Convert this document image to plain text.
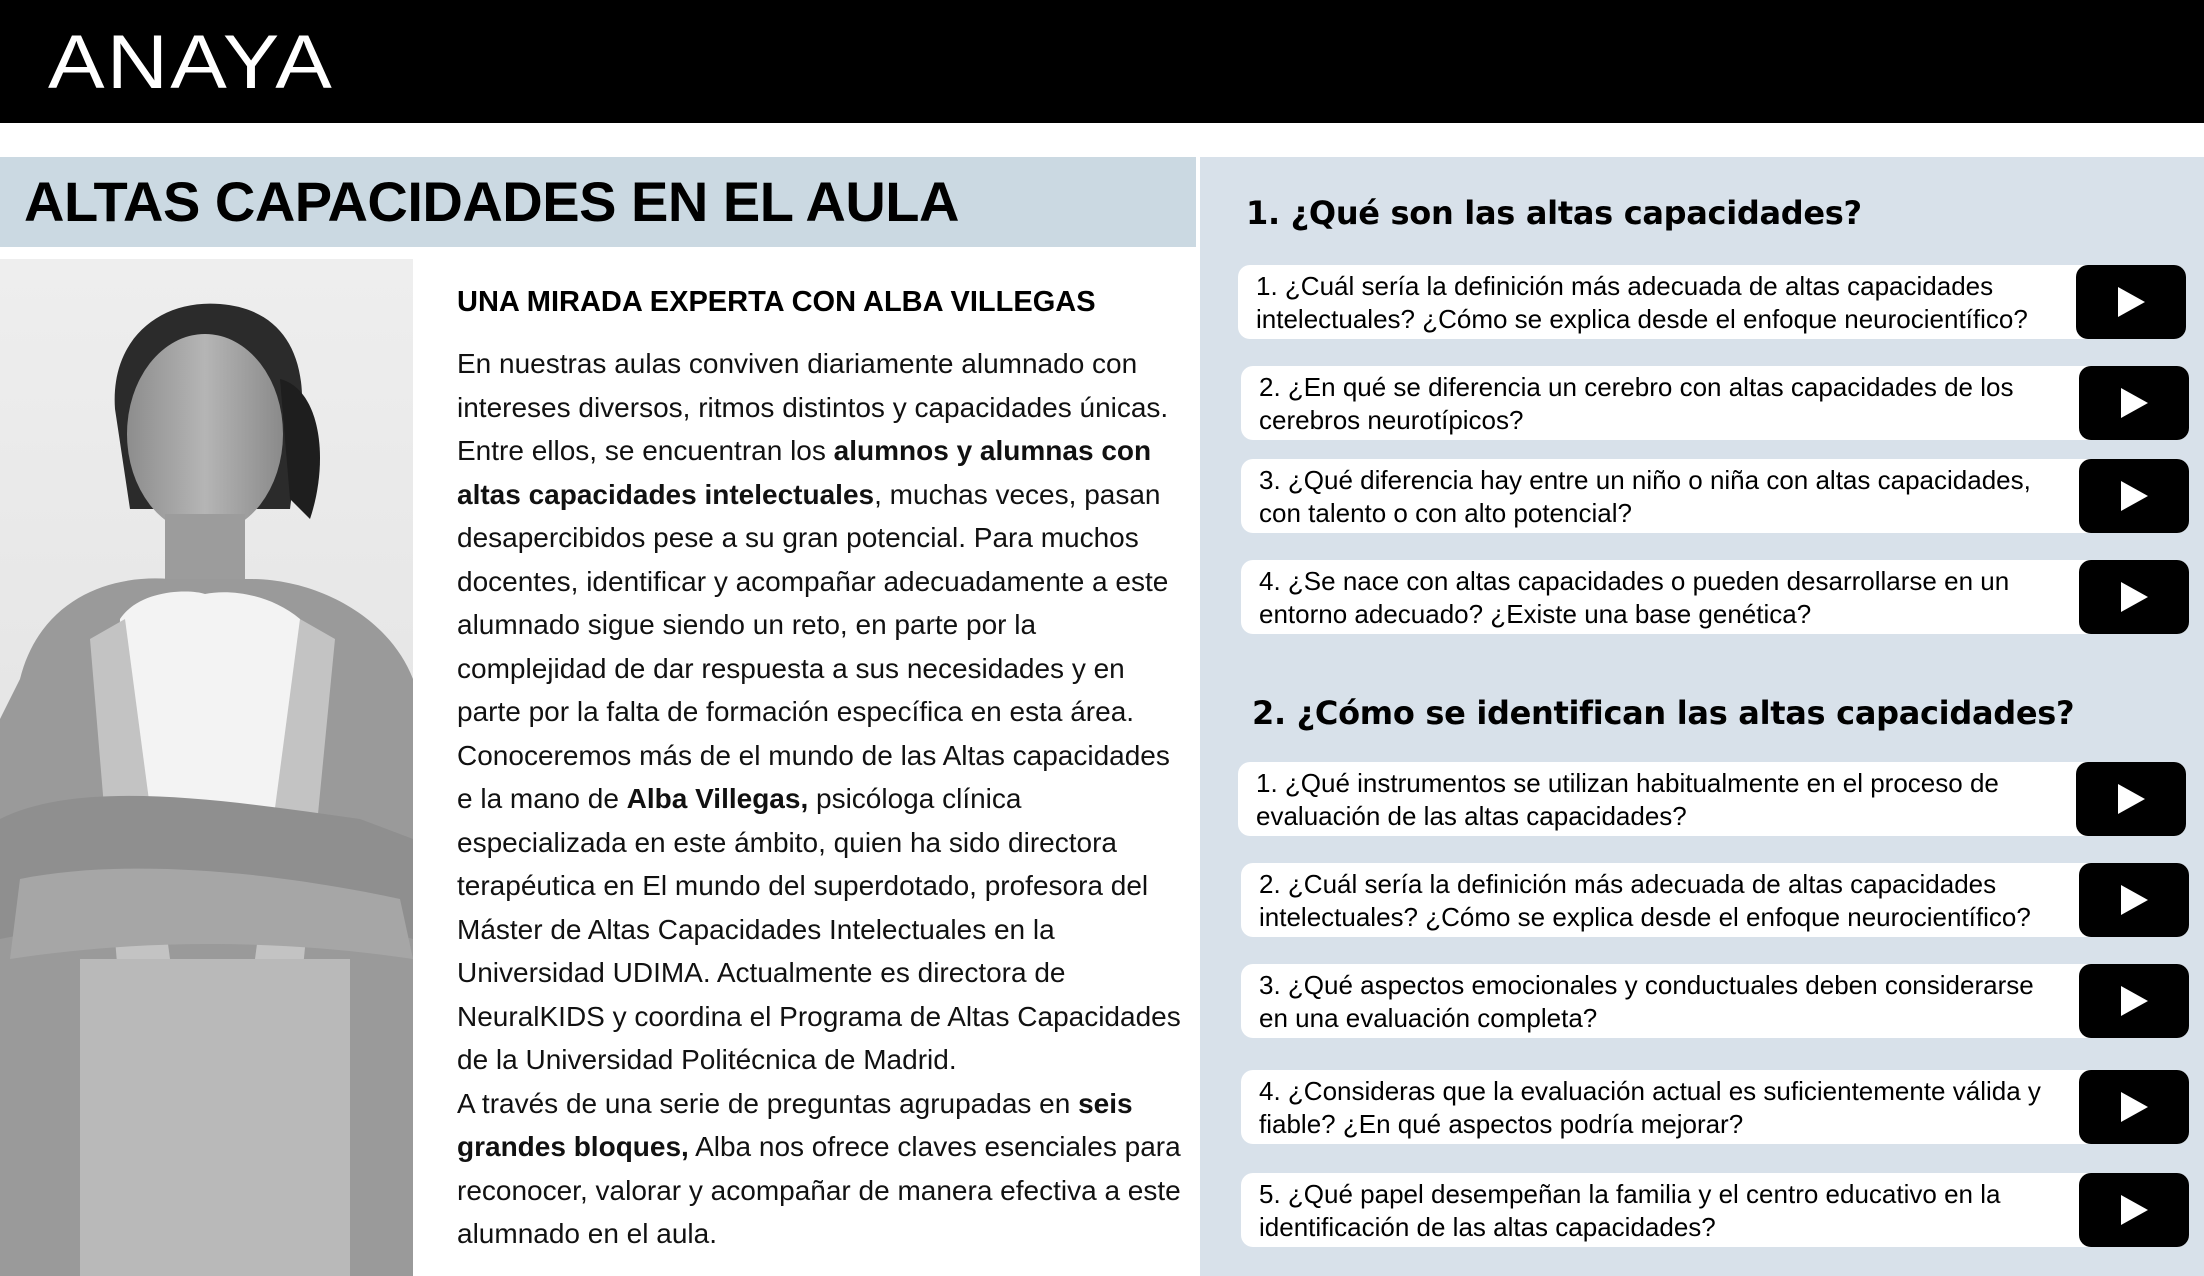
ANAYA
ALTAS CAPACIDADES EN EL AULA
UNA MIRADA EXPERTA CON ALBA VILLEGAS

En nuestras aulas conviven diariamente alumnado con intereses diversos, ritmos distintos y capacidades únicas. Entre ellos, se encuentran los alumnos y alumnas con altas capacidades intelectuales, muchas veces, pasan desapercibidos pese a su gran potencial. Para muchos docentes, identificar y acompañar adecuadamente a este alumnado sigue siendo un reto, en parte por la complejidad de dar respuesta a sus necesidades y en parte por la falta de formación específica en esta área. Conoceremos más de el mundo de las Altas capacidades e la mano de Alba Villegas, psicóloga clínica especializada en este ámbito, quien ha sido directora terapéutica en El mundo del superdotado, profesora del Máster de Altas Capacidades Intelectuales en la Universidad UDIMA. Actualmente es directora de NeuralKIDS y coordina el Programa de Altas Capacidades de la Universidad Politécnica de Madrid.
A través de una serie de preguntas agrupadas en seis grandes bloques, Alba nos ofrece claves esenciales para reconocer, valorar y acompañar de manera efectiva a este alumnado en el aula.

1. ¿Qué son las altas capacidades?

1. ¿Cuál sería la definición más adecuada de altas capacidades intelectuales? ¿Cómo se explica desde el enfoque neurocientífico?

2. ¿En qué se diferencia un cerebro con altas capacidades de los cerebros neurotípicos?

3. ¿Qué diferencia hay entre un niño o niña con altas capacidades, con talento o con alto potencial?

4. ¿Se nace con altas capacidades o pueden desarrollarse en un entorno adecuado? ¿Existe una base genética?

2. ¿Cómo se identifican las altas capacidades?

1. ¿Qué instrumentos se utilizan habitualmente en el proceso de evaluación de las altas capacidades?

2. ¿Cuál sería la definición más adecuada de altas capacidades intelectuales? ¿Cómo se explica desde el enfoque neurocientífico?

3. ¿Qué aspectos emocionales y conductuales deben considerarse en una evaluación completa?

4. ¿Consideras que la evaluación actual es suficientemente válida y fiable? ¿En qué aspectos podría mejorar?

5. ¿Qué papel desempeñan la familia y el centro educativo en la identificación de las altas capacidades?
